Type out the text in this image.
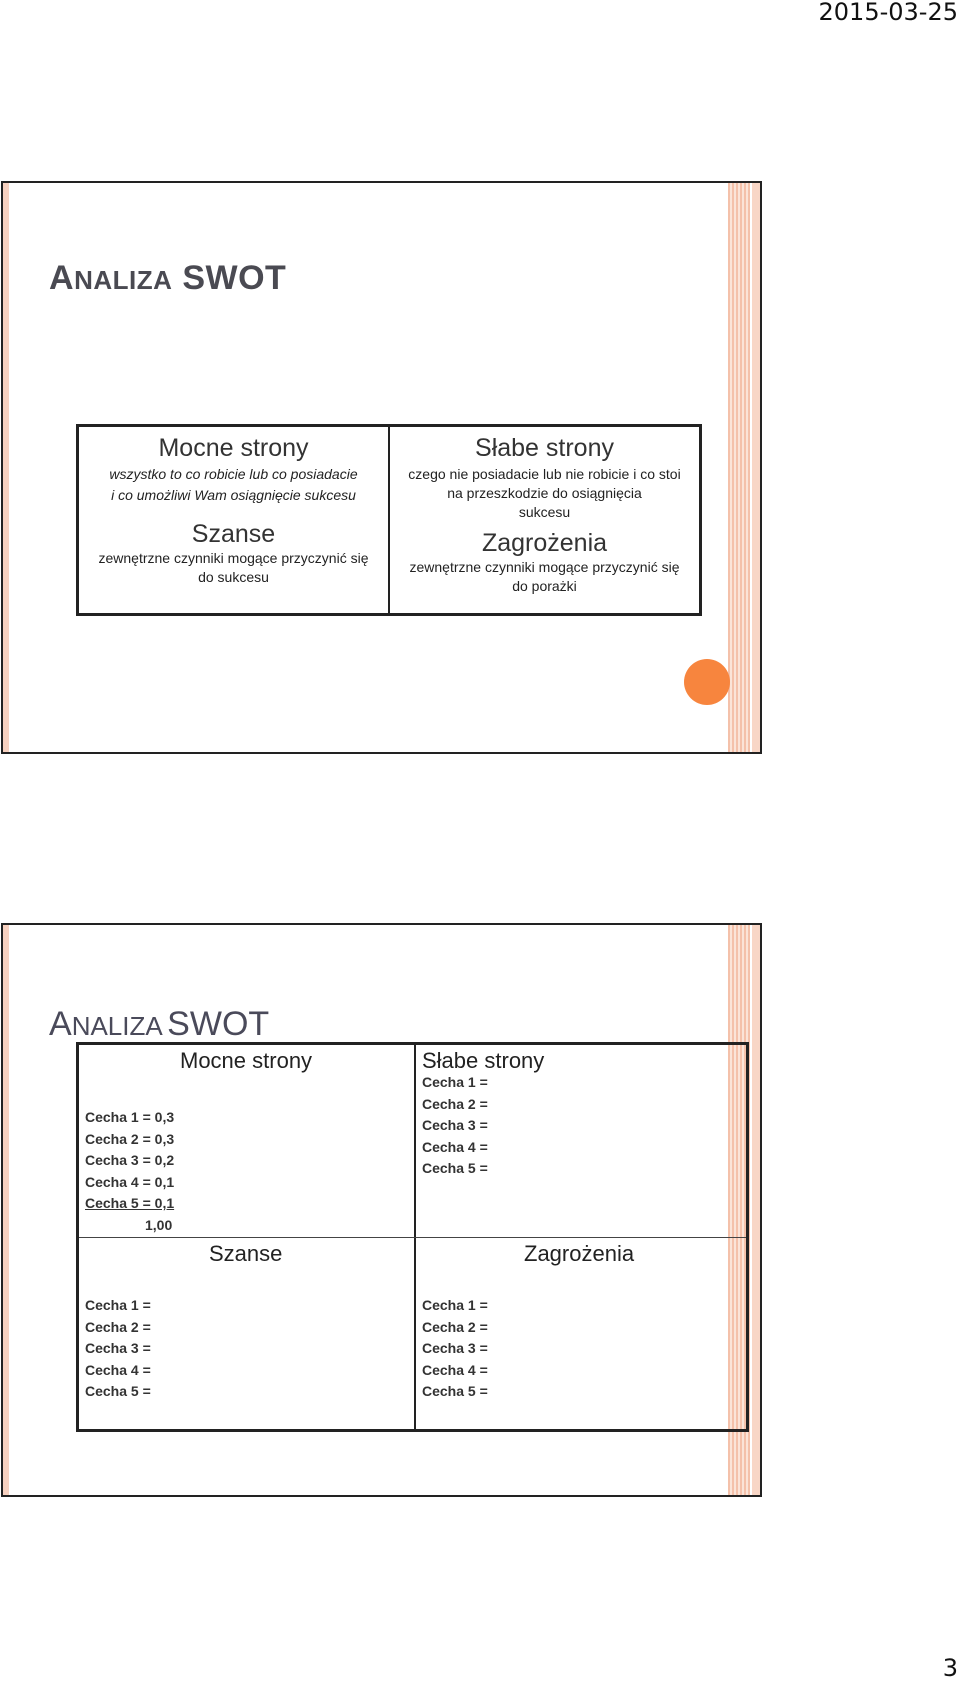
2015-03-25
ANALIZA SWOT
Mocne strony
wszystko to co robicie lub co posiadacie
i co umożliwi Wam osiągnięcie sukcesu
Szanse
zewnętrzne czynniki mogące przyczynić się
do sukcesu
Słabe strony
czego nie posiadacie lub nie robicie i co stoi
na przeszkodzie do osiągnięcia
sukcesu
Zagrożenia
zewnętrzne czynniki mogące przyczynić się
do porażki
ANALIZA SWOT
Mocne strony	Słabe strony
Cecha 1 = 0,3
Cecha 2 = 0,3
Cecha 3 = 0,2
Cecha 4 = 0,1
Cecha 5 = 0,1
1,00
Cecha 1 =
Cecha 2 =
Cecha 3 =
Cecha 4 =
Cecha 5 =
Szanse	Zagrożenia
Cecha 1 =
Cecha 2 =
Cecha 3 =
Cecha 4 =
Cecha 5 =
Cecha 1 =
Cecha 2 =
Cecha 3 =
Cecha 4 =
Cecha 5 =
3
